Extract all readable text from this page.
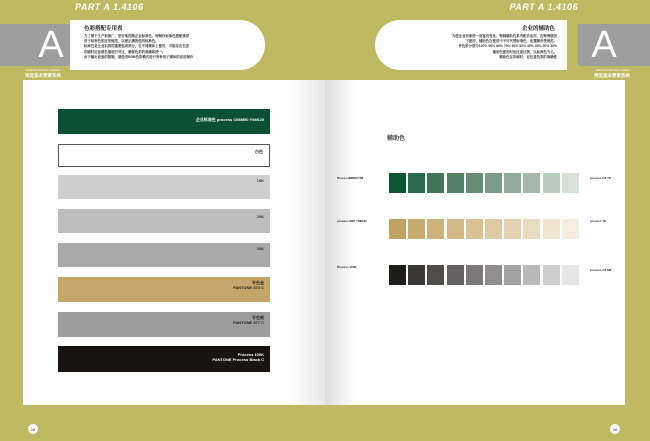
PART A 1.4106
A	色彩搭配专用表
为了便于生产和推广，更好地控制企业标准色，特制作标准色搭配推荐
用于标准色的应用规范，以便正确的使用标准色。
标准色是企业识别的重要组成部分，在不同媒体上使用，可能存在色差
印刷时应参照色谱进行对比，确保色彩的准确和统一。
由于输出设备的限制，请使用RGB色彩模式进行各种电子媒体的应用制作
Visual Identification System
视觉基本要素系统
企业标准色 process C98M50 Y98K25
白色
15K
20K
30K
专色金
PANTONE 873 C
专色银
PANTONE 877 C
Process 100K
PANTONE Process Black C
28
PART A 1.4106
A
企业的辅助色
为使企业形象统一而富有变化，特制辅助色系列配合应用，在特殊情况
下使用，辅助色在使用中不可代替标准色，应遵循各类规范。
各色阶分别为100% 90% 80% 70% 60% 50% 40% 30% 20% 10%
辅助色使用时应注意比例，以标准色为主。
辅助色在印刷时，应注意色彩的准确性
Visual Identification System
视觉基本要素系统
辅助色
Process98M50Y98	process C8 Y8
process M20 Y68K20	process Y8
Process 100K
process C8 M8
26
